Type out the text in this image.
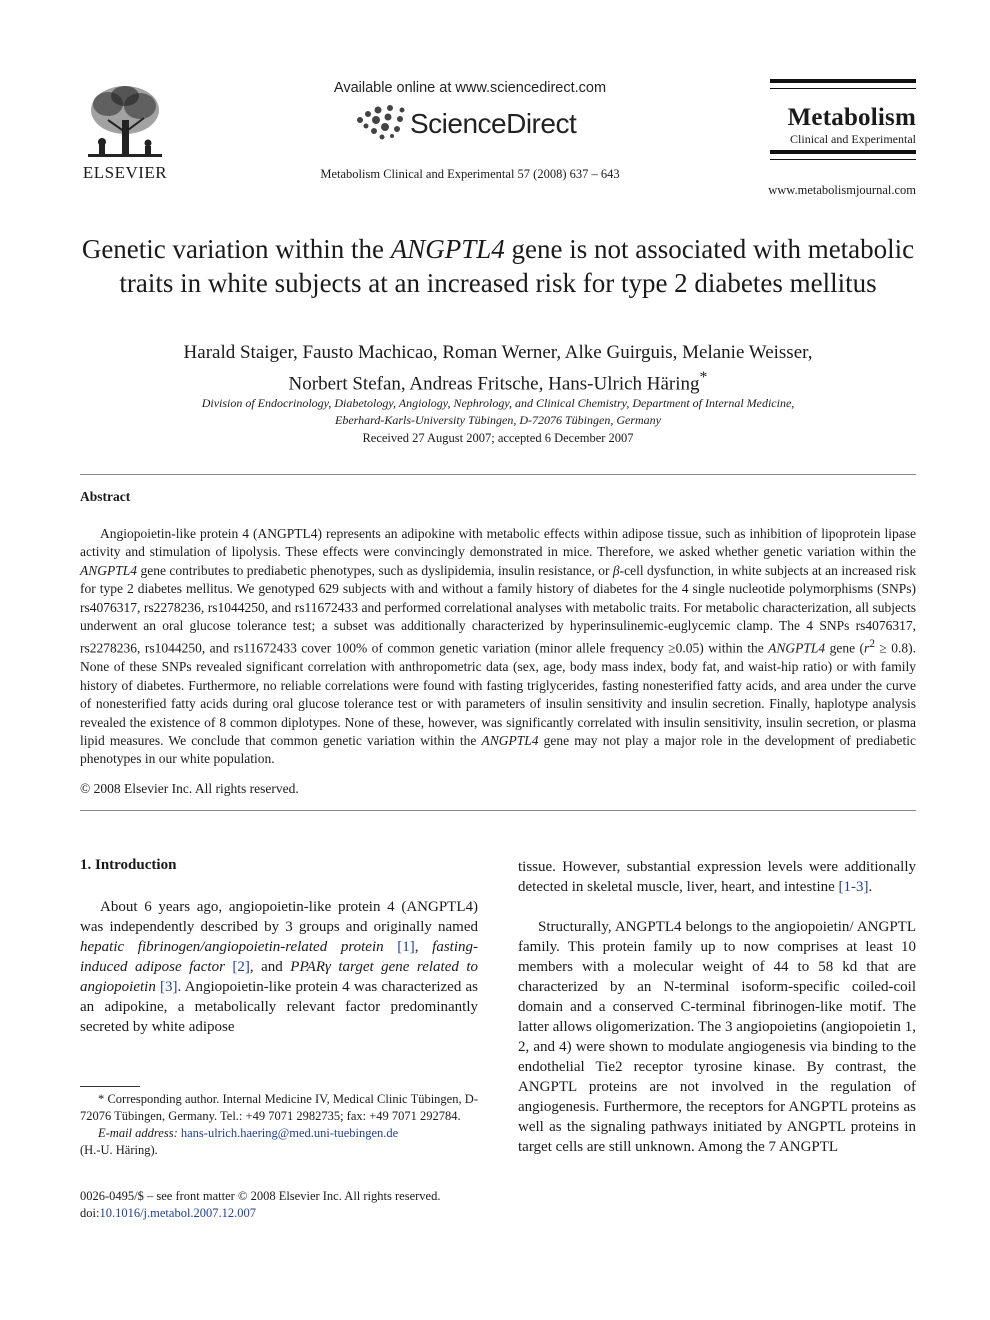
ELSEVIER
Available online at www.sciencedirect.com
ScienceDirect
Metabolism Clinical and Experimental 57 (2008) 637 – 643
Metabolism
Clinical and Experimental
www.metabolismjournal.com
Genetic variation within the ANGPTL4 gene is not associated with metabolic traits in white subjects at an increased risk for type 2 diabetes mellitus
Harald Staiger, Fausto Machicao, Roman Werner, Alke Guirguis, Melanie Weisser,
Norbert Stefan, Andreas Fritsche, Hans-Ulrich Häring*
Division of Endocrinology, Diabetology, Angiology, Nephrology, and Clinical Chemistry, Department of Internal Medicine,
Eberhard-Karls-University Tübingen, D-72076 Tübingen, Germany
Received 27 August 2007; accepted 6 December 2007
Abstract
Angiopoietin-like protein 4 (ANGPTL4) represents an adipokine with metabolic effects within adipose tissue, such as inhibition of lipoprotein lipase activity and stimulation of lipolysis. These effects were convincingly demonstrated in mice. Therefore, we asked whether genetic variation within the ANGPTL4 gene contributes to prediabetic phenotypes, such as dyslipidemia, insulin resistance, or β-cell dysfunction, in white subjects at an increased risk for type 2 diabetes mellitus. We genotyped 629 subjects with and without a family history of diabetes for the 4 single nucleotide polymorphisms (SNPs) rs4076317, rs2278236, rs1044250, and rs11672433 and performed correlational analyses with metabolic traits. For metabolic characterization, all subjects underwent an oral glucose tolerance test; a subset was additionally characterized by hyperinsulinemic-euglycemic clamp. The 4 SNPs rs4076317, rs2278236, rs1044250, and rs11672433 cover 100% of common genetic variation (minor allele frequency ≥0.05) within the ANGPTL4 gene $(r^2 \ge 0.8)$. None of these SNPs revealed significant correlation with anthropometric data (sex, age, body mass index, body fat, and waist-hip ratio) or with family history of diabetes. Furthermore, no reliable correlations were found with fasting triglycerides, fasting nonesterified fatty acids, and area under the curve of nonesterified fatty acids during oral glucose tolerance test or with parameters of insulin sensitivity and insulin secretion. Finally, haplotype analysis revealed the existence of 8 common diplotypes. None of these, however, was significantly correlated with insulin sensitivity, insulin secretion, or plasma lipid measures. We conclude that common genetic variation within the ANGPTL4 gene may not play a major role in the development of prediabetic phenotypes in our white population.
© 2008 Elsevier Inc. All rights reserved.
1. Introduction
About 6 years ago, angiopoietin-like protein 4 (ANGPTL4) was independently described by 3 groups and originally named hepatic fibrinogen/angiopoietin-related protein [1], fasting-induced adipose factor [2], and PPARγ target gene related to angiopoietin [3]. Angiopoietin-like protein 4 was characterized as an adipokine, a metabolically relevant factor predominantly secreted by white adipose
* Corresponding author. Internal Medicine IV, Medical Clinic Tübingen, D-72076 Tübingen, Germany. Tel.: +49 7071 2982735; fax: +49 7071 292784.
E-mail address: hans-ulrich.haering@med.uni-tuebingen.de
(H.-U. Häring).
0026-0495/$ – see front matter © 2008 Elsevier Inc. All rights reserved.
doi:10.1016/j.metabol.2007.12.007
tissue. However, substantial expression levels were additionally detected in skeletal muscle, liver, heart, and intestine [1-3].
Structurally, ANGPTL4 belongs to the angiopoietin/ ANGPTL family. This protein family up to now comprises at least 10 members with a molecular weight of 44 to 58 kd that are characterized by an N-terminal isoform-specific coiled-coil domain and a conserved C-terminal fibrinogen-like motif. The latter allows oligomerization. The 3 angiopoietins (angiopoietin 1, 2, and 4) were shown to modulate angiogenesis via binding to the endothelial Tie2 receptor tyrosine kinase. By contrast, the ANGPTL proteins are not involved in the regulation of angiogenesis. Furthermore, the receptors for ANGPTL proteins as well as the signaling pathways initiated by ANGPTL proteins in target cells are still unknown. Among the 7 ANGPTL
